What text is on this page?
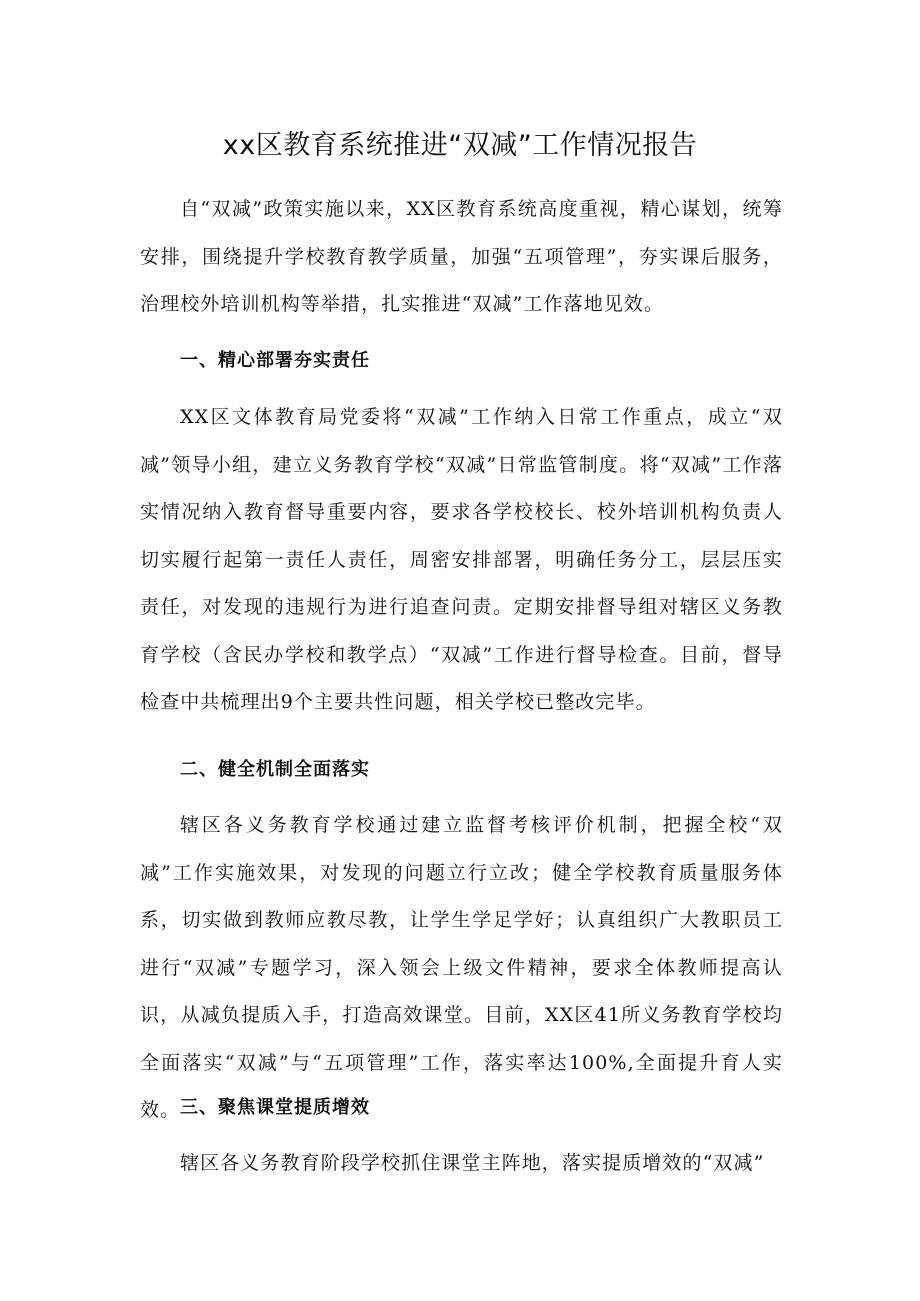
xx区教育系统推进“双减”工作情况报告

自“双减”政策实施以来，XX区教育系统高度重视，精心谋划，统筹安排，围绕提升学校教育教学质量，加强“五项管理”，夯实课后服务，治理校外培训机构等举措，扎实推进“双减”工作落地见效。

一、精心部署夯实责任

XX区文体教育局党委将“双减”工作纳入日常工作重点，成立“双减”领导小组，建立义务教育学校“双减”日常监管制度。将“双减”工作落实情况纳入教育督导重要内容，要求各学校校长、校外培训机构负责人切实履行起第一责任人责任，周密安排部署，明确任务分工，层层压实责任，对发现的违规行为进行追查问责。定期安排督导组对辖区义务教育学校（含民办学校和教学点）“双减”工作进行督导检查。目前，督导检查中共梳理出9个主要共性问题，相关学校已整改完毕。

二、健全机制全面落实

辖区各义务教育学校通过建立监督考核评价机制，把握全校“双减”工作实施效果，对发现的问题立行立改；健全学校教育质量服务体系，切实做到教师应教尽教，让学生学足学好；认真组织广大教职员工进行“双减”专题学习，深入领会上级文件精神，要求全体教师提高认识，从减负提质入手，打造高效课堂。目前，XX区41所义务教育学校均全面落实“双减”与“五项管理”工作，落实率达100%,全面提升育人实效。 三、聚焦课堂提质增效

辖区各义务教育阶段学校抓住课堂主阵地，落实提质增效的“双减”
